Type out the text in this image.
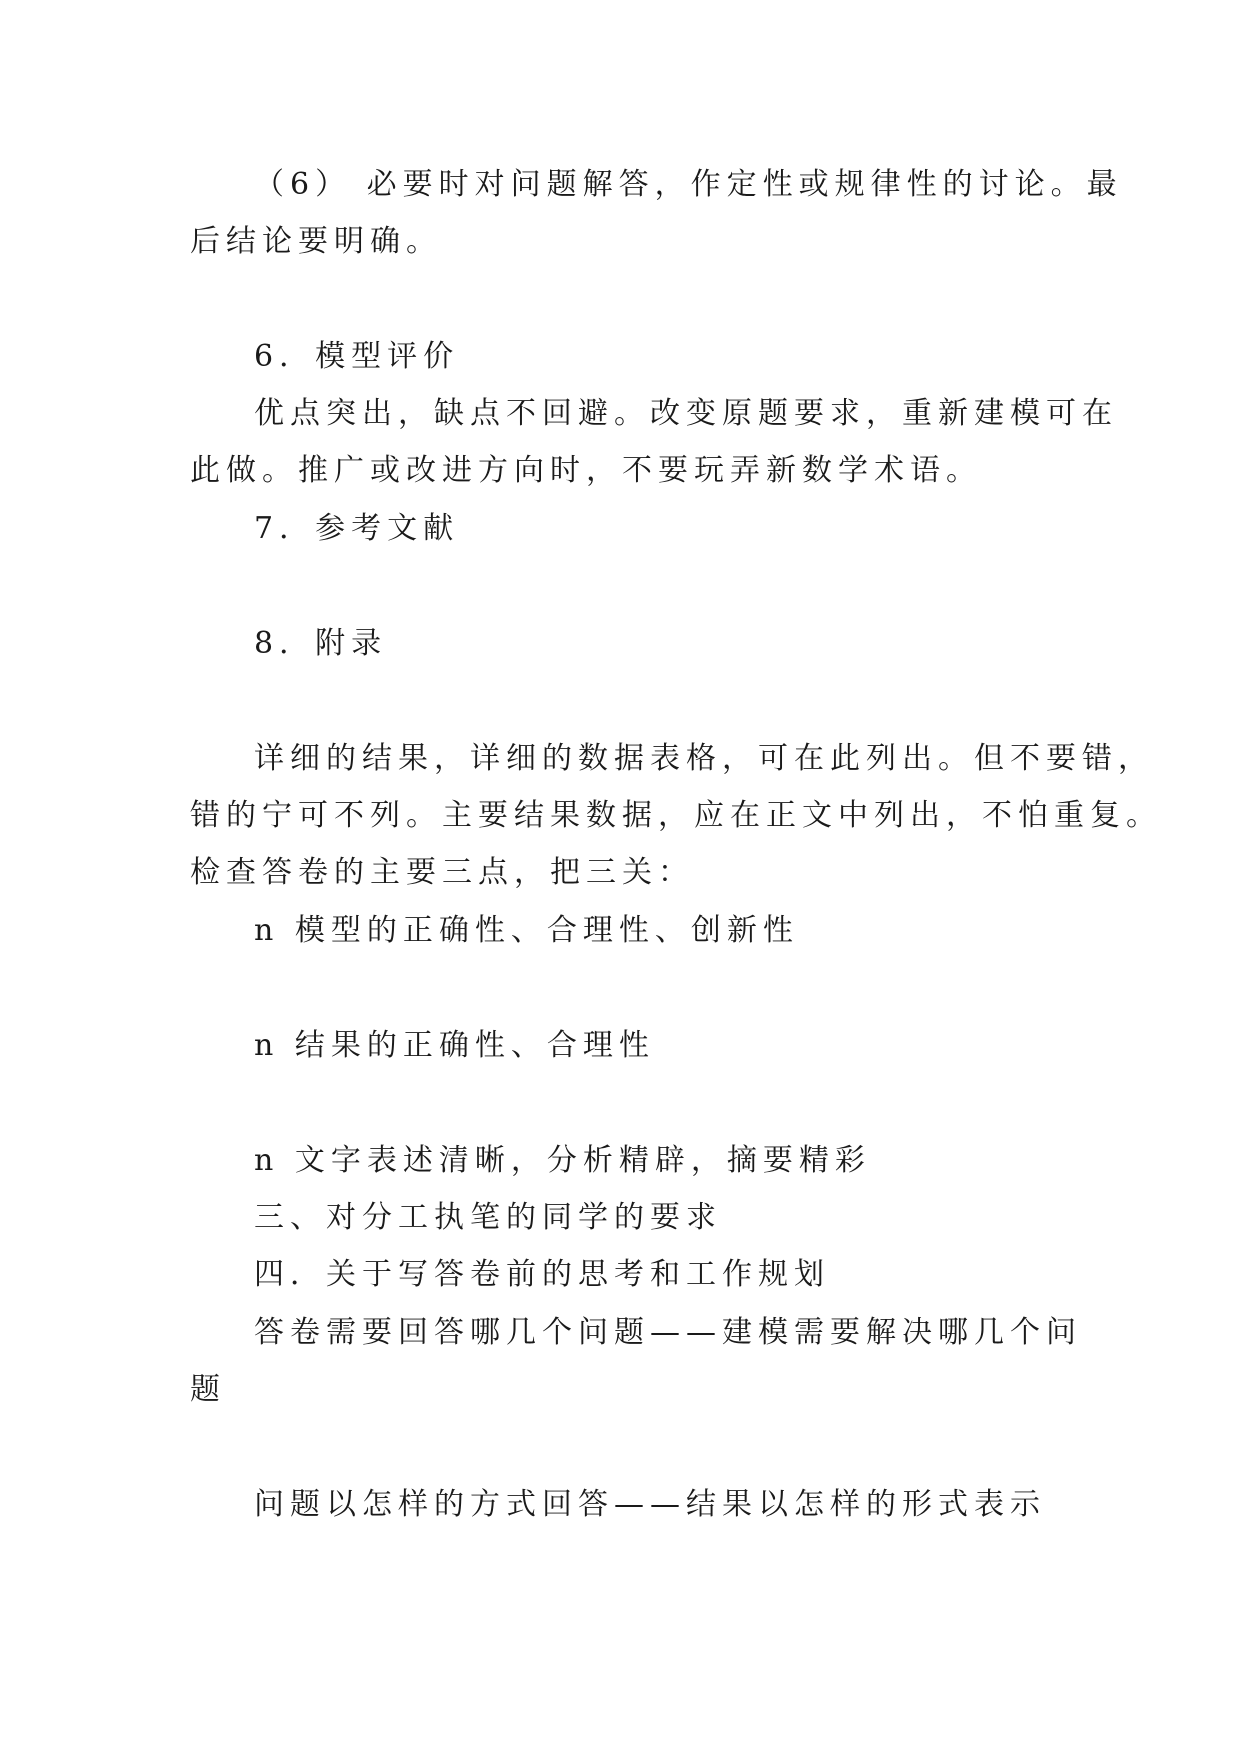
（6） 必要时对问题解答，作定性或规律性的讨论。最
后结论要明确。
6．模型评价
优点突出，缺点不回避。改变原题要求，重新建模可在
此做。推广或改进方向时，不要玩弄新数学术语。
7．参考文献
8．附录
详细的结果，详细的数据表格，可在此列出。但不要错，
错的宁可不列。主要结果数据，应在正文中列出，不怕重复。
检查答卷的主要三点，把三关：
n 模型的正确性、合理性、创新性
n 结果的正确性、合理性
n 文字表述清晰，分析精辟，摘要精彩
三、对分工执笔的同学的要求
四．关于写答卷前的思考和工作规划
答卷需要回答哪几个问题——建模需要解决哪几个问
题
问题以怎样的方式回答——结果以怎样的形式表示
